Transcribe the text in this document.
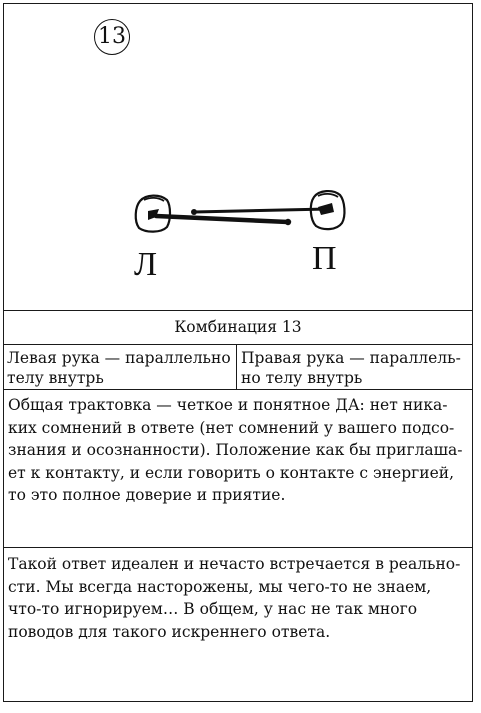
13
Л	П
Комбинация 13
Левая рука — параллельно телу внутрь
Правая рука — параллель-но телу внутрь
Общая трактовка — четкое и понятное ДА: нет ника-ких сомнений в ответе (нет сомнений у вашего подсо-знания и осознанности). Положение как бы приглаша-ет к контакту, и если говорить о контакте с энергией, то это полное доверие и приятие.
Такой ответ идеален и нечасто встречается в реально-сти. Мы всегда насторожены, мы чего-то не знаем, что-то игнорируем… В общем, у нас не так много поводов для такого искреннего ответа.
